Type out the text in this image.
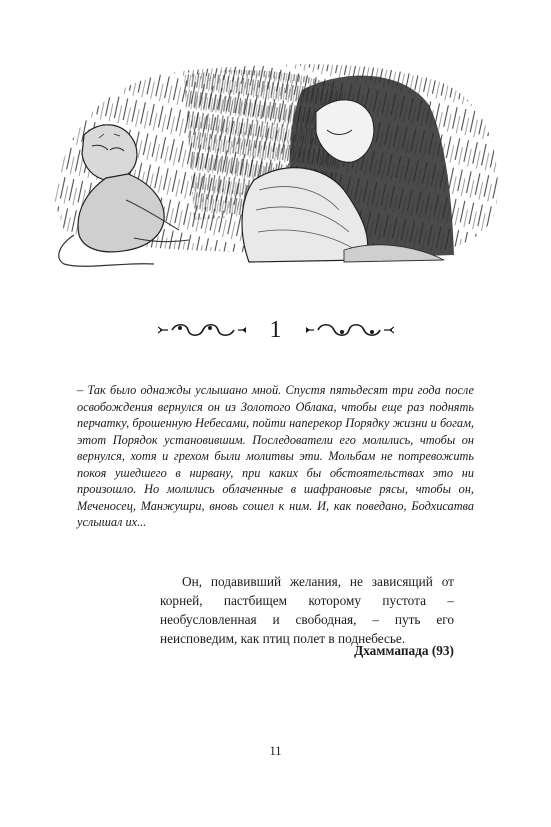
1

– Так было однажды услышано мной. Спустя пятьдесят три года после освобождения вернулся он из Золотого Облака, чтобы еще раз поднять перчатку, брошенную Небесами, пойти наперекор Порядку жизни и богам, этот Порядок установившим. Последователи его молились, чтобы он вернулся, хотя и грехом были молитвы эти. Мольбам не потревожить покоя ушедшего в нирвану, при каких бы обстоятельствах это ни произошло. Но молились облаченные в шафрановые рясы, чтобы он, Меченосец, Манжушри, вновь сошел к ним. И, как поведано, Бодхисатва услышал их...

Он, подавивший желания, не зависящий от корней, пастбищем которому пустота – необусловленная и свободная, – путь его неисповедим, как птиц полет в поднебесье.

Дхаммапада (93)

11
